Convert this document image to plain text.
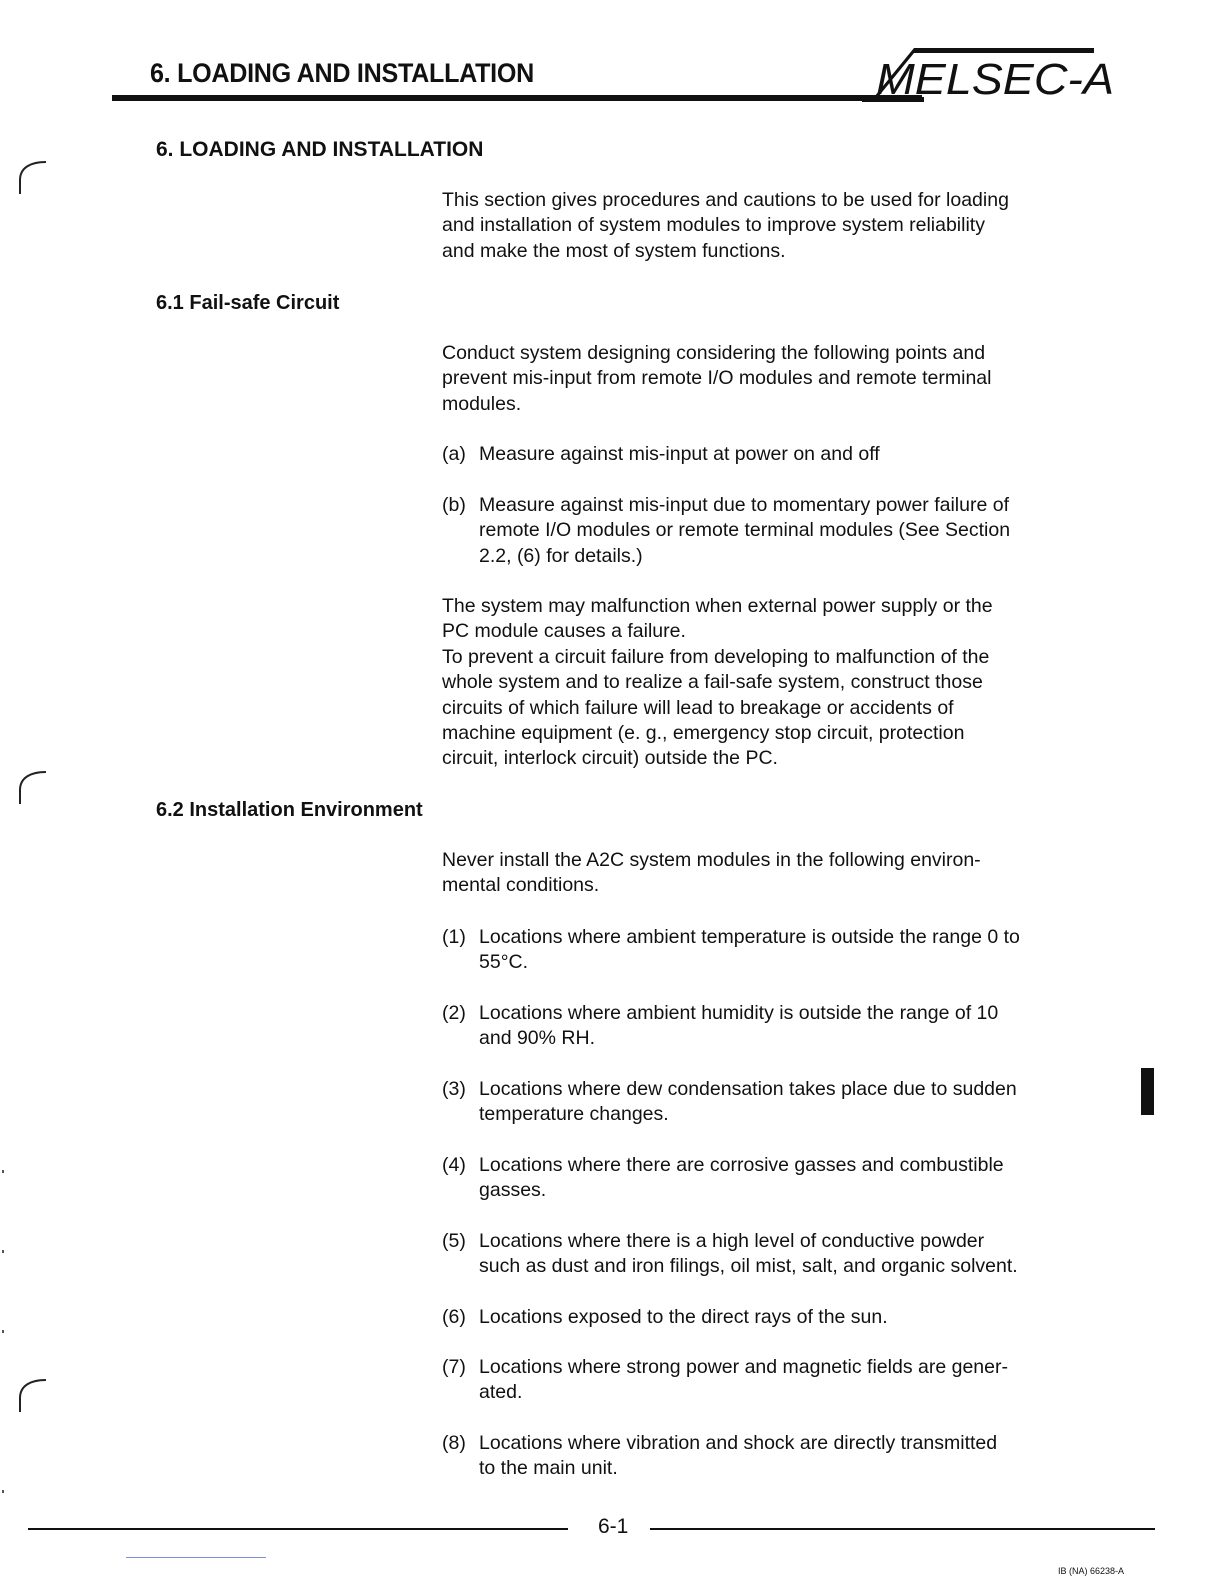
6. LOADING AND INSTALLATION	MELSEC-A
6. LOADING AND INSTALLATION
This section gives procedures and cautions to be used for loading
and installation of system modules to improve system reliability
and make the most of system functions.
6.1 Fail-safe Circuit
Conduct system designing considering the following points and
prevent mis-input from remote I/O modules and remote terminal
modules.
(a) Measure against mis-input at power on and off
(b) Measure against mis-input due to momentary power failure of
remote I/O modules or remote terminal modules (See Section
2.2, (6) for details.)
The system may malfunction when external power supply or the
PC module causes a failure.
To prevent a circuit failure from developing to malfunction of the
whole system and to realize a fail-safe system, construct those
circuits of which failure will lead to breakage or accidents of
machine equipment (e. g., emergency stop circuit, protection
circuit, interlock circuit) outside the PC.
6.2 Installation Environment
Never install the A2C system modules in the following environ-
mental conditions.
(1) Locations where ambient temperature is outside the range 0 to
55°C.
(2) Locations where ambient humidity is outside the range of 10
and 90% RH.
(3) Locations where dew condensation takes place due to sudden
temperature changes.
(4) Locations where there are corrosive gasses and combustible
gasses.
(5) Locations where there is a high level of conductive powder
such as dust and iron filings, oil mist, salt, and organic solvent.
(6) Locations exposed to the direct rays of the sun.
(7) Locations where strong power and magnetic fields are gener-
ated.
(8) Locations where vibration and shock are directly transmitted
to the main unit.
6-1
IB (NA) 66238-A
